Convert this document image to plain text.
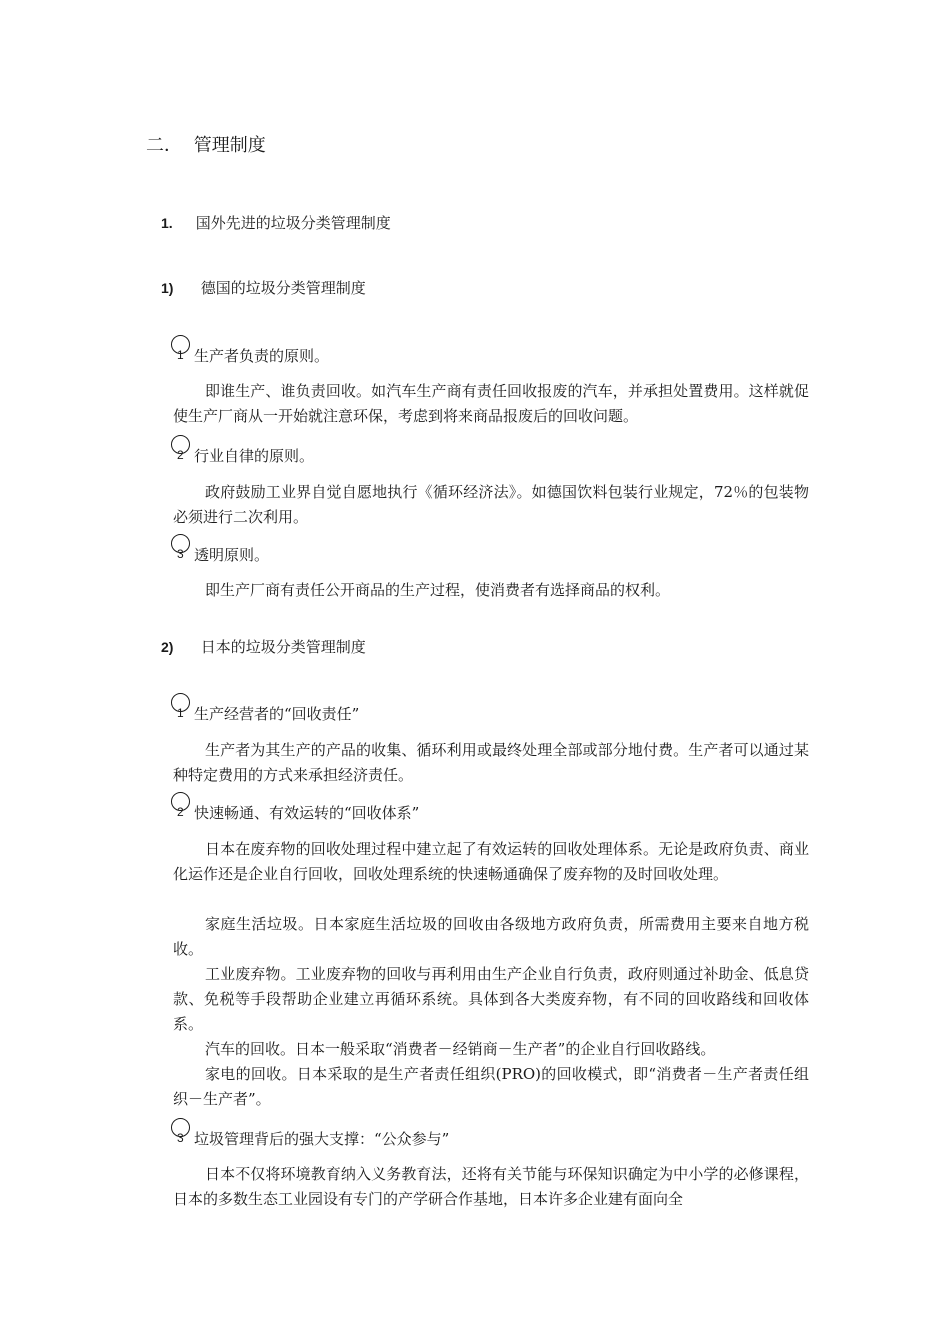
二． 管理制度
1. 国外先进的垃圾分类管理制度
1) 德国的垃圾分类管理制度
1 生产者负责的原则。
即谁生产、谁负责回收。如汽车生产商有责任回收报废的汽车，并承担处置费用。这样就促使生产厂商从一开始就注意环保，考虑到将来商品报废后的回收问题。
2 行业自律的原则。
政府鼓励工业界自觉自愿地执行《循环经济法》。如德国饮料包装行业规定，72％的包装物必须进行二次利用。
3 透明原则。
即生产厂商有责任公开商品的生产过程，使消费者有选择商品的权利。
2) 日本的垃圾分类管理制度
1 生产经营者的“回收责任”
生产者为其生产的产品的收集、循环利用或最终处理全部或部分地付费。生产者可以通过某种特定费用的方式来承担经济责任。
2 快速畅通、有效运转的“回收体系”
日本在废弃物的回收处理过程中建立起了有效运转的回收处理体系。无论是政府负责、商业化运作还是企业自行回收，回收处理系统的快速畅通确保了废弃物的及时回收处理。
家庭生活垃圾。日本家庭生活垃圾的回收由各级地方政府负责，所需费用主要来自地方税收。
工业废弃物。工业废弃物的回收与再利用由生产企业自行负责，政府则通过补助金、低息贷款、免税等手段帮助企业建立再循环系统。具体到各大类废弃物，有不同的回收路线和回收体系。
汽车的回收。日本一般采取“消费者－经销商－生产者”的企业自行回收路线。
家电的回收。日本采取的是生产者责任组织(PRO)的回收模式，即“消费者－生产者责任组织－生产者”。
3 垃圾管理背后的强大支撑：“公众参与”
日本不仅将环境教育纳入义务教育法，还将有关节能与环保知识确定为中小学的必修课程，日本的多数生态工业园设有专门的产学研合作基地，日本许多企业建有面向全
